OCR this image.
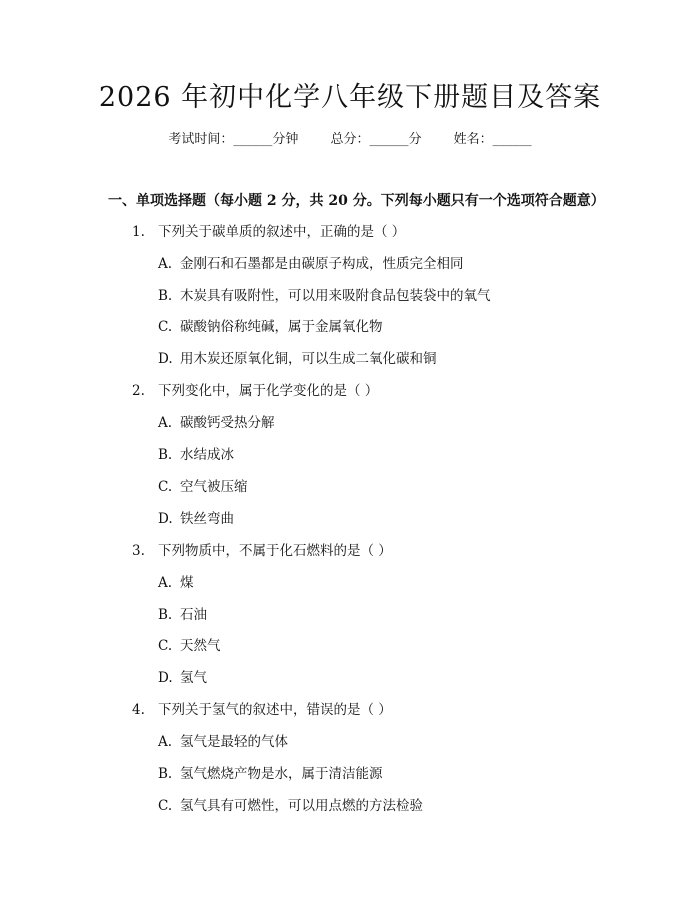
2026 年初中化学八年级下册题目及答案
考试时间：______分钟 总分：______分 姓名：______
一、单项选择题（每小题 2 分，共 20 分。下列每小题只有一个选项符合题意）
1. 下列关于碳单质的叙述中，正确的是（ ）
A. 金刚石和石墨都是由碳原子构成，性质完全相同
B. 木炭具有吸附性，可以用来吸附食品包装袋中的氧气
C. 碳酸钠俗称纯碱，属于金属氧化物
D. 用木炭还原氧化铜，可以生成二氧化碳和铜
2. 下列变化中，属于化学变化的是（ ）
A. 碳酸钙受热分解
B. 水结成冰
C. 空气被压缩
D. 铁丝弯曲
3. 下列物质中，不属于化石燃料的是（ ）
A. 煤
B. 石油
C. 天然气
D. 氢气
4. 下列关于氢气的叙述中，错误的是（ ）
A. 氢气是最轻的气体
B. 氢气燃烧产物是水，属于清洁能源
C. 氢气具有可燃性，可以用点燃的方法检验
